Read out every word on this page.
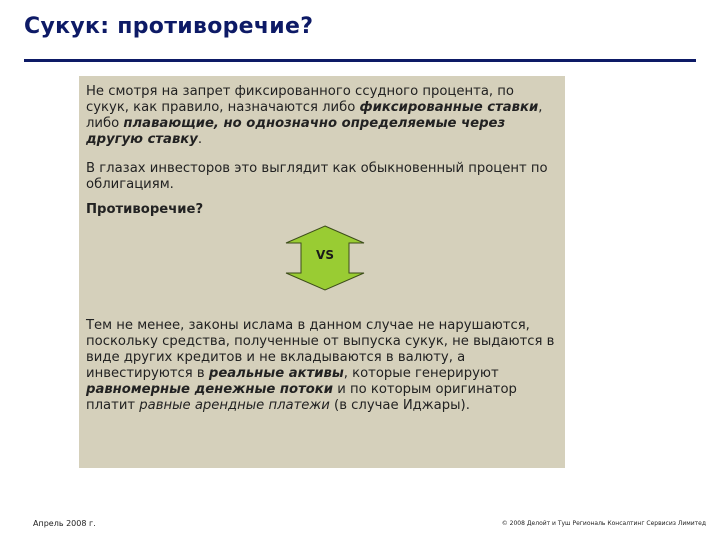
Сукук: противоречие?
Не смотря на запрет фиксированного ссудного процента, по сукук, как правило, назначаются либо фиксированные ставки, либо плавающие, но однозначно определяемые через другую ставку.
В глазах инвесторов это выглядит как обыкновенный процент по облигациям.
Противоречие?
VS
Тем не менее, законы ислама в данном случае не нарушаются, поскольку средства, полученные от выпуска сукук, не выдаются в виде других кредитов и не вкладываются в валюту, а инвестируются в реальные активы, которые генерируют равномерные денежные потоки и по которым оригинатор платит равные арендные платежи (в случае Иджары).
Апрель 2008 г.	© 2008 Делойт и Туш Региональ Консалтинг Сервисиз Лимитед
